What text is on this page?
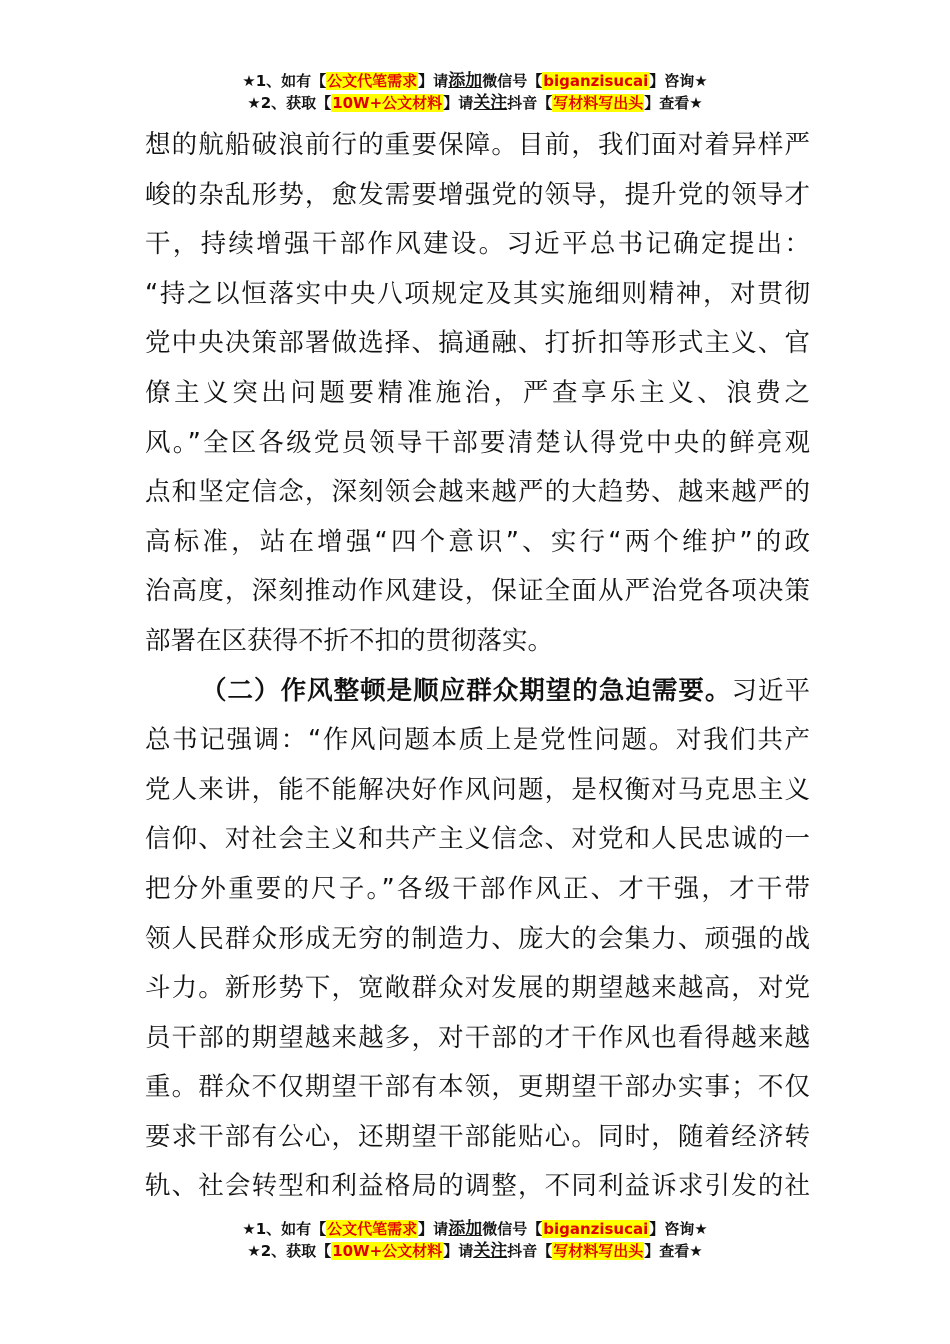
★1、如有【公文代笔需求】请添加微信号【biganzisucai】咨询★
★2、获取【10W+公文材料】请关注抖音【写材料写出头】查看★
想的航船破浪前行的重要保障。目前，我们面对着异样严
峻的杂乱形势，愈发需要增强党的领导，提升党的领导才
干，持续增强干部作风建设。习近平总书记确定提出：
“持之以恒落实中央八项规定及其实施细则精神，对贯彻
党中央决策部署做选择、搞通融、打折扣等形式主义、官
僚主义突出问题要精准施治，严查享乐主义、浪费之
风。”全区各级党员领导干部要清楚认得党中央的鲜亮观
点和坚定信念，深刻领会越来越严的大趋势、越来越严的
高标准，站在增强“四个意识”、实行“两个维护”的政
治高度，深刻推动作风建设，保证全面从严治党各项决策
部署在区获得不折不扣的贯彻落实。
（二）作风整顿是顺应群众期望的急迫需要。习近平
总书记强调：“作风问题本质上是党性问题。对我们共产
党人来讲，能不能解决好作风问题，是权衡对马克思主义
信仰、对社会主义和共产主义信念、对党和人民忠诚的一
把分外重要的尺子。”各级干部作风正、才干强，才干带
领人民群众形成无穷的制造力、庞大的会集力、顽强的战
斗力。新形势下，宽敞群众对发展的期望越来越高，对党
员干部的期望越来越多，对干部的才干作风也看得越来越
重。群众不仅期望干部有本领，更期望干部办实事；不仅
要求干部有公心，还期望干部能贴心。同时，随着经济转
轨、社会转型和利益格局的调整，不同利益诉求引发的社
★1、如有【公文代笔需求】请添加微信号【biganzisucai】咨询★
★2、获取【10W+公文材料】请关注抖音【写材料写出头】查看★
